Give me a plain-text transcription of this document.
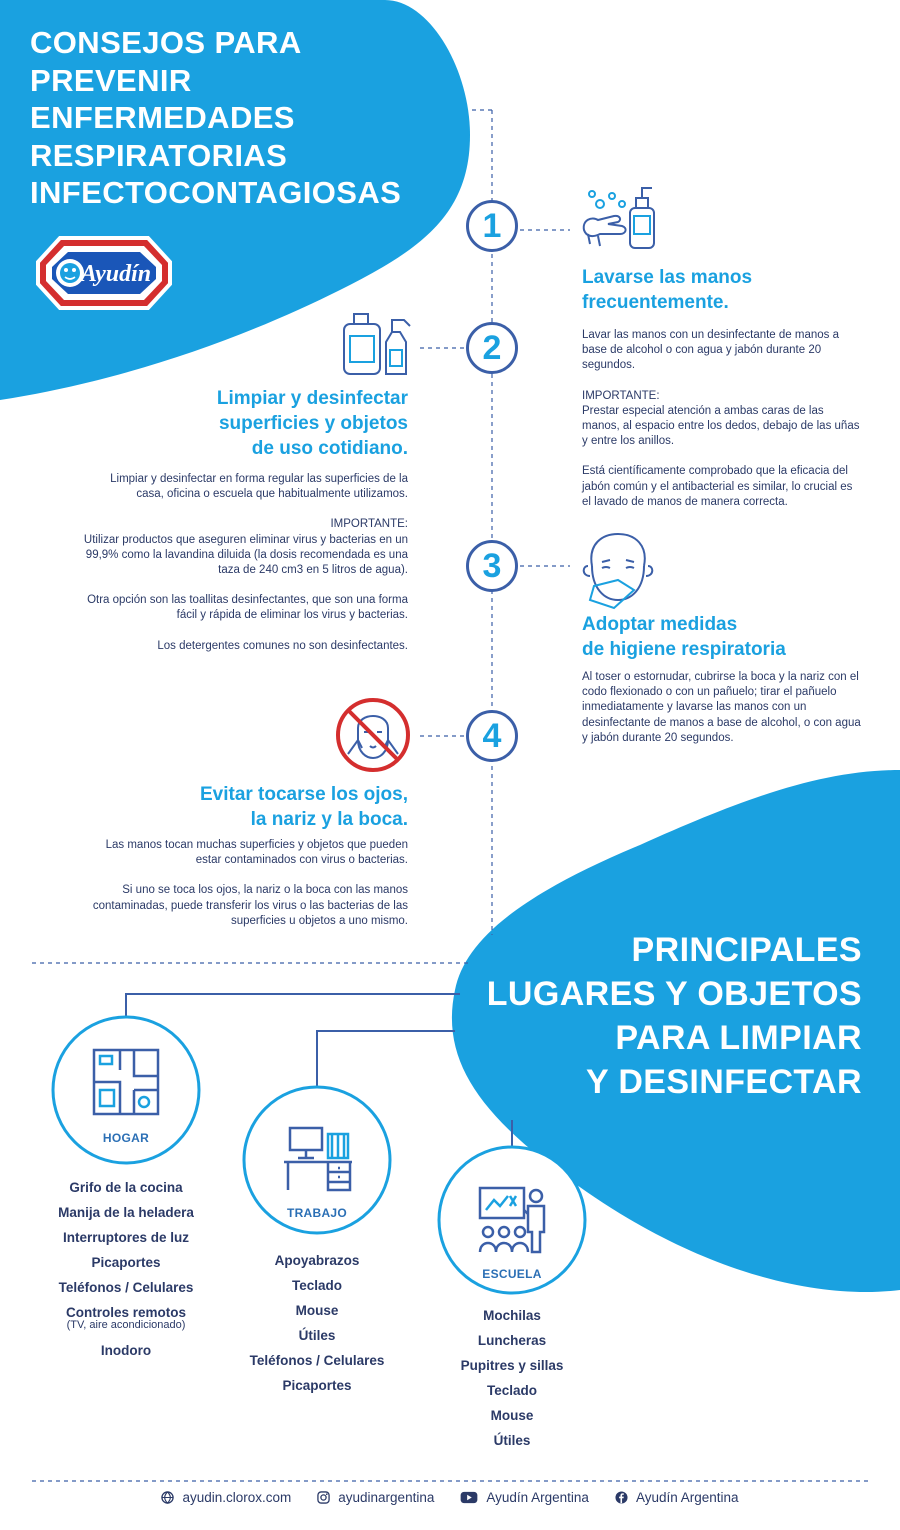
CONSEJOS PARA
PREVENIR
ENFERMEDADES
RESPIRATORIAS
INFECTOCONTAGIOSAS
Ayudín
1
2
3
4
Lavarse las manos
frecuentemente.

Lavar las manos con un desinfectante de manos a base de alcohol o con agua y jabón durante 20 segundos.

IMPORTANTE:

Prestar especial atención a ambas caras de las manos, al espacio entre los dedos, debajo de las uñas y entre los anillos.

Está científicamente comprobado que la eficacia del jabón común y el antibacterial es similar, lo crucial es el lavado de manos de manera correcta.

Limpiar y desinfectar
superficies y objetos
de uso cotidiano.

Limpiar y desinfectar en forma regular las superficies de la casa, oficina o escuela que habitualmente utilizamos.

IMPORTANTE:

Utilizar productos que aseguren eliminar virus y bacterias en un 99,9% como la lavandina diluida (la dosis recomendada es una taza de 240 cm3 en 5 litros de agua).

Otra opción son las toallitas desinfectantes, que son una forma fácil y rápida de eliminar los virus y bacterias.

Los detergentes comunes no son desinfectantes.

Adoptar medidas
de higiene respiratoria

Al toser o estornudar, cubrirse la boca y la nariz con el codo flexionado o con un pañuelo; tirar el pañuelo inmediatamente y lavarse las manos con un desinfectante de manos a base de alcohol, o con agua y jabón durante 20 segundos.

Evitar tocarse los ojos,
la nariz y la boca.

Las manos tocan muchas superficies y objetos que pueden estar contaminados con virus o bacterias.

Si uno se toca los ojos, la nariz o la boca con las manos contaminadas, puede transferir los virus o las bacterias de las superficies u objetos a uno mismo.

PRINCIPALES
LUGARES Y OBJETOS
PARA LIMPIAR
Y DESINFECTAR
HOGAR
Grifo de la cocina
Manija de la heladera
Interruptores de luz
Picaportes
Teléfonos / Celulares
Controles remotos
(TV, aire acondicionado)
Inodoro
TRABAJO
Apoyabrazos
Teclado
Mouse
Útiles
Teléfonos / Celulares
Picaportes
ESCUELA
Mochilas
Luncheras
Pupitres y sillas
Teclado
Mouse
Útiles
ayudin.clorox.com	ayudinargentina	Ayudín Argentina	Ayudín Argentina
